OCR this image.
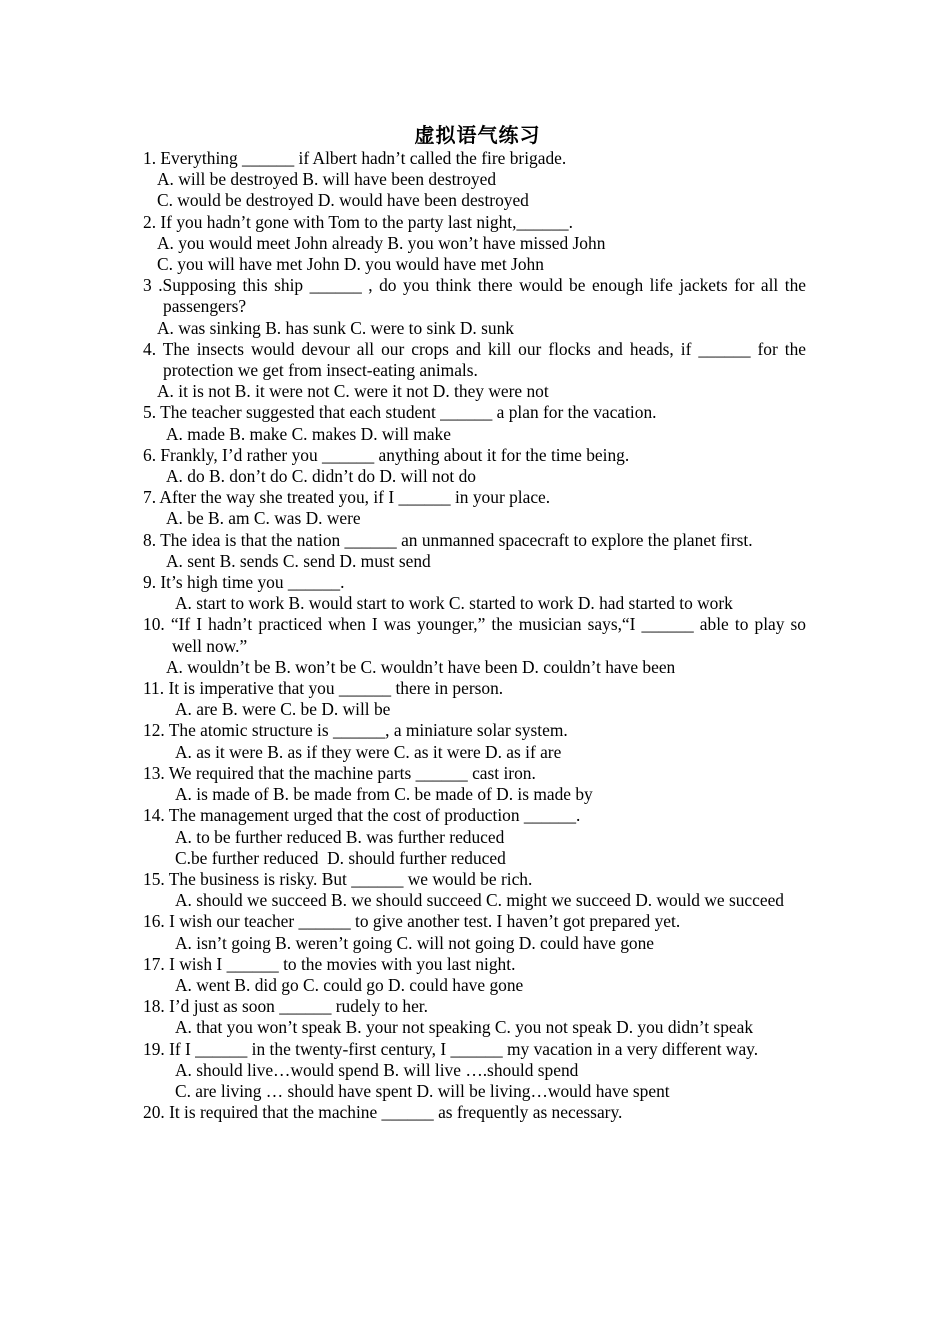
虚拟语气练习
1. Everything ______ if Albert hadn’t called the fire brigade.
A. will be destroyed B. will have been destroyed
C. would be destroyed D. would have been destroyed
2. If you hadn’t gone with Tom to the party last night,______.
A. you would meet John already B. you won’t have missed John
C. you will have met John D. you would have met John
3 .Supposing this ship ______ , do you think there would be enough life jackets for all the passengers?
A. was sinking B. has sunk C. were to sink D. sunk
4. The insects would devour all our crops and kill our flocks and heads, if ______ for the protection we get from insect-eating animals.
A. it is not B. it were not C. were it not D. they were not
5. The teacher suggested that each student ______ a plan for the vacation.
A. made B. make C. makes D. will make
6. Frankly, I’d rather you ______ anything about it for the time being.
A. do B. don’t do C. didn’t do D. will not do
7. After the way she treated you, if I ______ in your place.
A. be B. am C. was D. were
8. The idea is that the nation ______ an unmanned spacecraft to explore the planet first.
A. sent B. sends C. send D. must send
9. It’s high time you ______.
A. start to work B. would start to work C. started to work D. had started to work
10. “If I hadn’t practiced when I was younger,” the musician says,“I ______ able to play so well now.”
A. wouldn’t be B. won’t be C. wouldn’t have been D. couldn’t have been
11. It is imperative that you ______ there in person.
A. are B. were C. be D. will be
12. The atomic structure is ______, a miniature solar system.
A. as it were B. as if they were C. as it were D. as if are
13. We required that the machine parts ______ cast iron.
A. is made of B. be made from C. be made of D. is made by
14. The management urged that the cost of production ______.
A. to be further reduced B. was further reduced
C.be further reduced  D. should further reduced
15. The business is risky. But ______ we would be rich.
A. should we succeed B. we should succeed C. might we succeed D. would we succeed
16. I wish our teacher ______ to give another test. I haven’t got prepared yet.
A. isn’t going B. weren’t going C. will not going D. could have gone
17. I wish I ______ to the movies with you last night.
A. went B. did go C. could go D. could have gone
18. I’d just as soon ______ rudely to her.
A. that you won’t speak B. your not speaking C. you not speak D. you didn’t speak
19. If I ______ in the twenty-first century, I ______ my vacation in a very different way.
A. should live…would spend B. will live ….should spend
C. are living … should have spent D. will be living…would have spent
20. It is required that the machine ______ as frequently as necessary.
